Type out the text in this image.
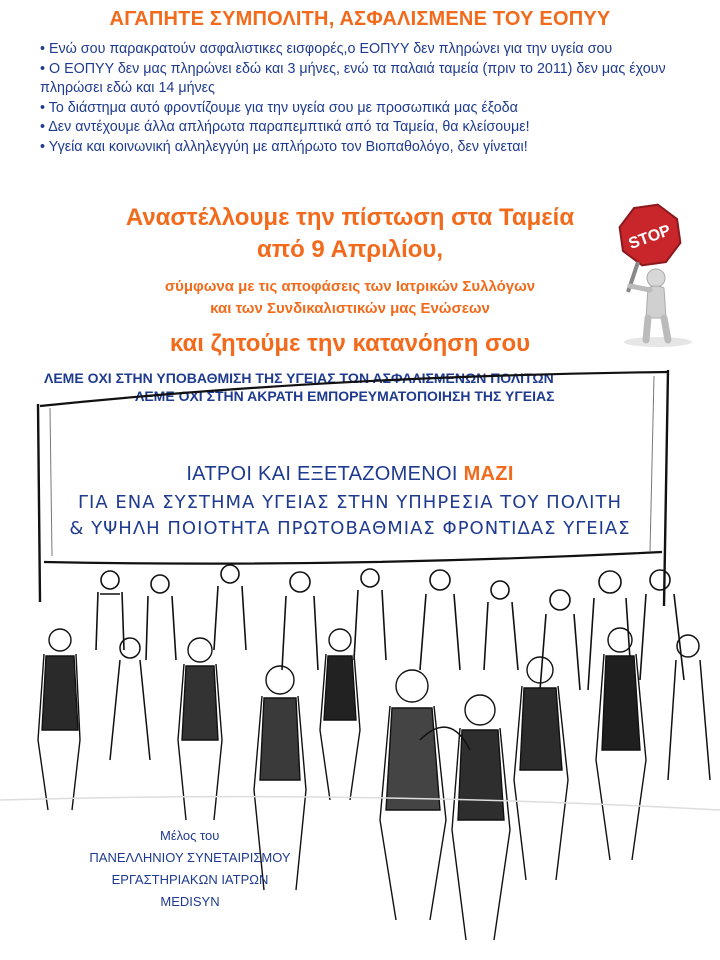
ΑΓΑΠΗΤΕ ΣΥΜΠΟΛΙΤΗ, ΑΣΦΑΛΙΣΜΕΝΕ ΤΟΥ ΕΟΠΥΥ
• Ενώ σου παρακρατούν ασφαλιστικες εισφορές,ο ΕΟΠΥΥ δεν πληρώνει για την υγεία σου
• Ο ΕΟΠΥΥ δεν μας πληρώνει εδώ και 3 μήνες, ενώ τα παλαιά ταμεία (πριν το 2011) δεν μας έχουν πληρώσει εδώ και 14 μήνες
• Το διάστημα αυτό φροντίζουμε για την υγεία σου με προσωπικά μας έξοδα
• Δεν αντέχουμε άλλα απλήρωτα παραπεμπτικά από τα Ταμεία, θα κλείσουμε!
• Υγεία και κοινωνική αλληλεγγύη με απλήρωτο τον Βιοπαθολόγο, δεν γίνεται!
Αναστέλλουμε την πίστωση στα Ταμεία
από 9 Απριλίου,
σύμφωνα με τις αποφάσεις των Ιατρικών Συλλόγων
και των Συνδικαλιστικών μας Ενώσεων
και ζητούμε την κατανόηση σου
STOP
ΛΕΜΕ ΟΧΙ ΣΤΗΝ ΥΠΟΒΑΘΜΙΣΗ ΤΗΣ ΥΓΕΙΑΣ ΤΩΝ ΑΣΦΑΛΙΣΜΕΝΩΝ ΠΟΛΙΤΩΝ
ΛΕΜΕ ΟΧΙ ΣΤΗΝ ΑΚΡΑΤΗ ΕΜΠΟΡΕΥΜΑΤΟΠΟΙΗΣΗ ΤΗΣ ΥΓΕΙΑΣ
ΙΑΤΡΟΙ ΚΑΙ ΕΞΕΤΑΖΟΜΕΝΟΙ ΜΑΖΙ
ΓΙΑ ΕΝΑ ΣΥΣΤΗΜΑ ΥΓΕΙΑΣ ΣΤΗΝ ΥΠΗΡΕΣΙΑ ΤΟΥ ΠΟΛΙΤΗ
& ΥΨΗΛΗ ΠΟΙΟΤΗΤΑ ΠΡΩΤΟΒΑΘΜΙΑΣ ΦΡΟΝΤΙΔΑΣ ΥΓΕΙΑΣ
Μέλος του
ΠΑΝΕΛΛΗΝΙΟΥ ΣΥΝΕΤΑΙΡΙΣΜΟΥ
ΕΡΓΑΣΤΗΡΙΑΚΩΝ ΙΑΤΡΩΝ
MEDISYN
